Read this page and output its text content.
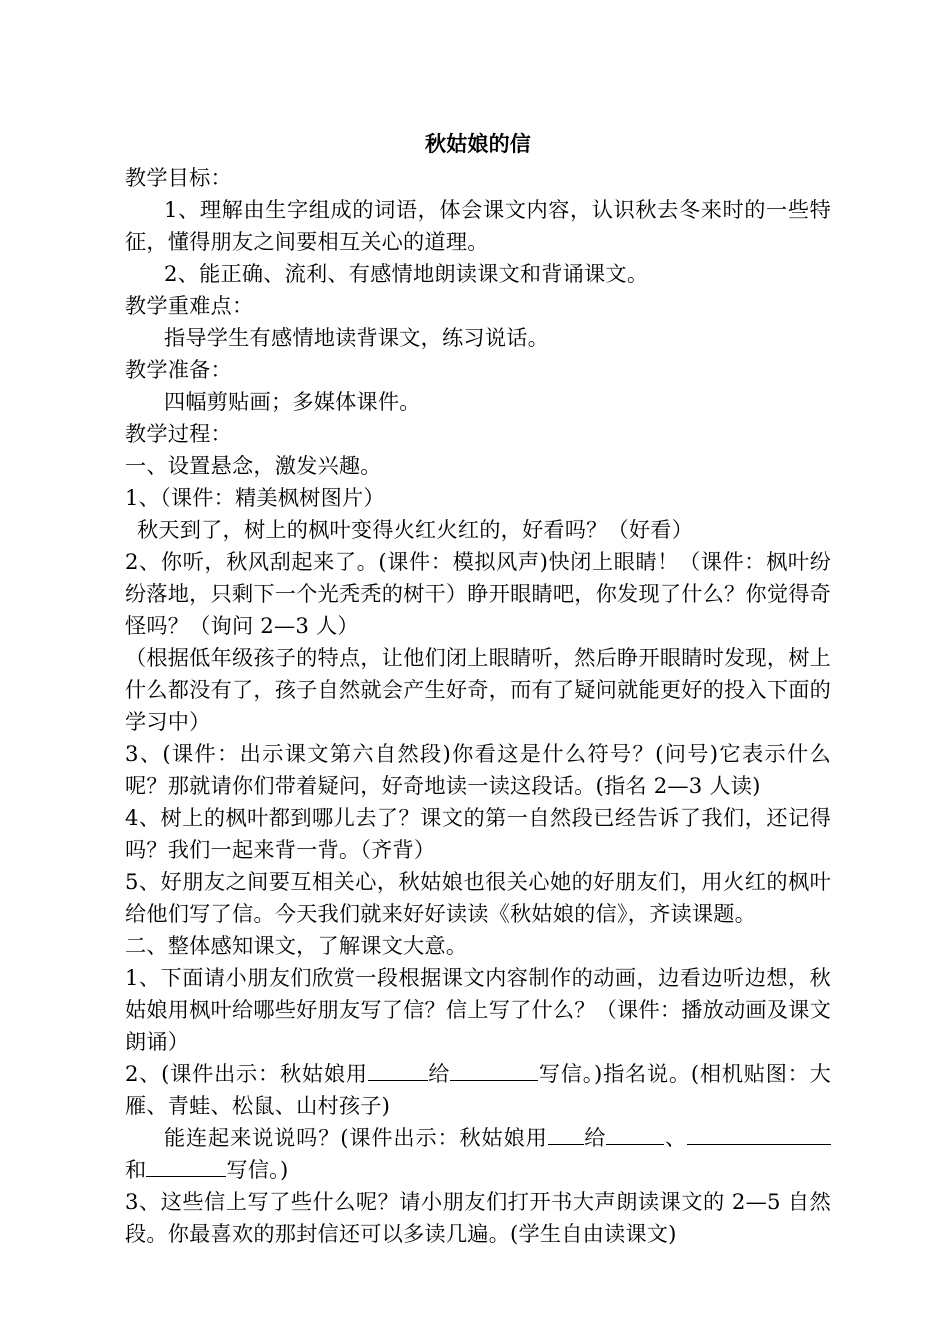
秋姑娘的信

教学目标：

1、理解由生字组成的词语，体会课文内容，认识秋去冬来时的一些特征，懂得朋友之间要相互关心的道理。

2、能正确、流利、有感情地朗读课文和背诵课文。

教学重难点：

指导学生有感情地读背课文，练习说话。

教学准备：

四幅剪贴画；多媒体课件。

教学过程：

一、设置悬念，激发兴趣。

1、（课件：精美枫树图片）

秋天到了，树上的枫叶变得火红火红的，好看吗？（好看）

2、你听，秋风刮起来了。(课件：模拟风声)快闭上眼睛！（课件：枫叶纷纷落地，只剩下一个光秃秃的树干）睁开眼睛吧，你发现了什么？你觉得奇怪吗？（询问 2—3 人）

（根据低年级孩子的特点，让他们闭上眼睛听，然后睁开眼睛时发现，树上什么都没有了，孩子自然就会产生好奇，而有了疑问就能更好的投入下面的学习中）

3、(课件：出示课文第六自然段)你看这是什么符号？(问号)它表示什么呢？那就请你们带着疑问，好奇地读一读这段话。(指名 2—3 人读)

4、树上的枫叶都到哪儿去了？课文的第一自然段已经告诉了我们，还记得吗？我们一起来背一背。（齐背）

5、好朋友之间要互相关心，秋姑娘也很关心她的好朋友们，用火红的枫叶给他们写了信。今天我们就来好好读读《秋姑娘的信》，齐读课题。

二、整体感知课文，了解课文大意。

1、下面请小朋友们欣赏一段根据课文内容制作的动画，边看边听边想，秋姑娘用枫叶给哪些好朋友写了信？信上写了什么？（课件：播放动画及课文朗诵）

2、(课件出示：秋姑娘用	给	写信。)指名说。(相机贴图：大雁、青蛙、松鼠、山村孩子)

能连起来说说吗？(课件出示：秋姑娘用 给	、和	写信。)

3、这些信上写了些什么呢？请小朋友们打开书大声朗读课文的 2—5 自然段。你最喜欢的那封信还可以多读几遍。(学生自由读课文)
